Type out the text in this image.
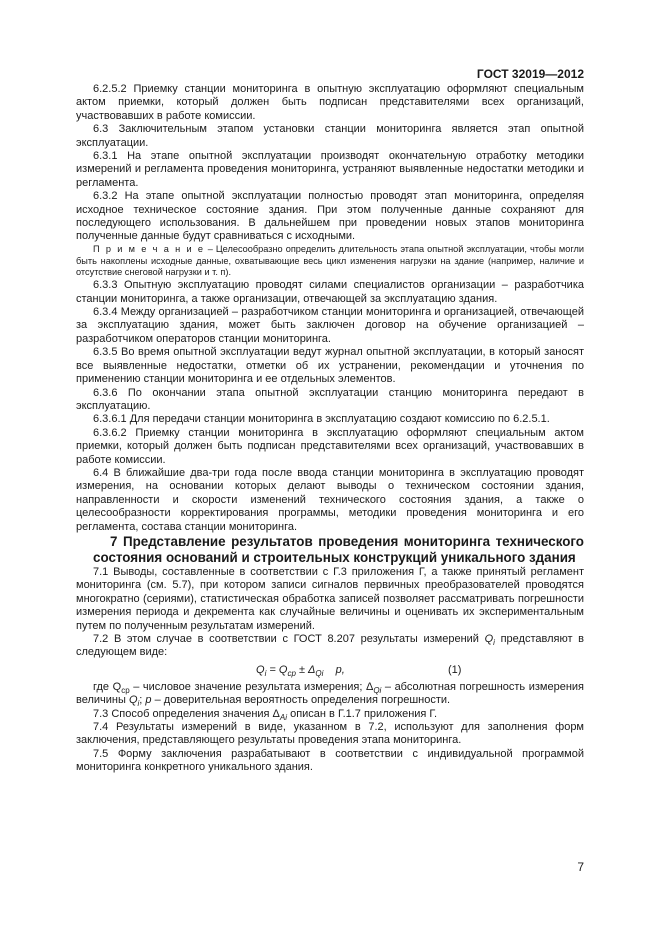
ГОСТ 32019—2012

6.2.5.2 Приемку станции мониторинга в опытную эксплуатацию оформляют специальным актом приемки, который должен быть подписан представителями всех организаций, участвовавших в работе комиссии.

6.3 Заключительным этапом установки станции мониторинга является этап опытной эксплуатации.

6.3.1 На этапе опытной эксплуатации производят окончательную отработку методики измерений и регламента проведения мониторинга, устраняют выявленные недостатки методики и регламента.

6.3.2 На этапе опытной эксплуатации полностью проводят этап мониторинга, определяя исходное техническое состояние здания. При этом полученные данные сохраняют для последующего использования. В дальнейшем при проведении новых этапов мониторинга полученные данные будут сравниваться с исходными.

П р и м е ч а н и е – Целесообразно определить длительность этапа опытной эксплуатации, чтобы могли быть накоплены исходные данные, охватывающие весь цикл изменения нагрузки на здание (например, наличие и отсутствие снеговой нагрузки и т. п).

6.3.3 Опытную эксплуатацию проводят силами специалистов организации – разработчика станции мониторинга, а также организации, отвечающей за эксплуатацию здания.

6.3.4 Между организацией – разработчиком станции мониторинга и организацией, отвечающей за эксплуатацию здания, может быть заключен договор на обучение организацией – разработчиком операторов станции мониторинга.

6.3.5 Во время опытной эксплуатации ведут журнал опытной эксплуатации, в который заносят все выявленные недостатки, отметки об их устранении, рекомендации и уточнения по применению станции мониторинга и ее отдельных элементов.

6.3.6 По окончании этапа опытной эксплуатации станцию мониторинга передают в эксплуатацию.

6.3.6.1 Для передачи станции мониторинга в эксплуатацию создают комиссию по 6.2.5.1.

6.3.6.2 Приемку станции мониторинга в эксплуатацию оформляют специальным актом приемки, который должен быть подписан представителями всех организаций, участвовавших в работе комиссии.

6.4 В ближайшие два-три года после ввода станции мониторинга в эксплуатацию проводят измерения, на основании которых делают выводы о техническом состоянии здания, направленности и скорости изменений технического состояния здания, а также о целесообразности корректирования программы, методики проведения мониторинга и его регламента, состава станции мониторинга.

7 Представление результатов проведения мониторинга технического состояния оснований и строительных конструкций уникального здания

7.1 Выводы, составленные в соответствии с Г.3 приложения Г, а также принятый регламент мониторинга (см. 5.7), при котором записи сигналов первичных преобразователей проводятся многократно (сериями), статистическая обработка записей позволяет рассматривать погрешности измерения периода и декремента как случайные величины и оценивать их экспериментальным путем по полученным результатам измерений.

7.2 В этом случае в соответствии с ГОСТ 8.207 результаты измерений $Q_i$ представляют в следующем виде:

$Q_i = Q_{ср} \pm \Delta_{Qi}$    p,	(1)

где $Q_{ср}$ – числовое значение результата измерения; $\Delta_{Qi}$ – абсолютная погрешность измерения величины $Q_i$; p – доверительная вероятность определения погрешности.

7.3 Способ определения значения $\Delta_{Ai}$ описан в Г.1.7 приложения Г.

7.4 Результаты измерений в виде, указанном в 7.2, используют для заполнения форм заключения, представляющего результаты проведения этапа мониторинга.

7.5 Форму заключения разрабатывают в соответствии с индивидуальной программой мониторинга конкретного уникального здания.

7
